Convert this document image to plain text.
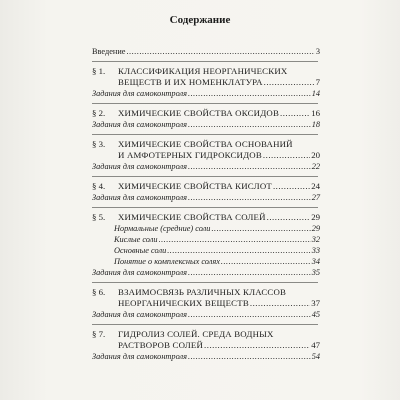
Содержание
Введение .....	3
§ 1.	КЛАССИФИКАЦИЯ НЕОРГАНИЧЕСКИХ
ВЕЩЕСТВ И ИХ НОМЕНКЛАТУРА .....	7
Задания для самоконтроля .....	14
§ 2.	ХИМИЧЕСКИЕ СВОЙСТВА ОКСИДОВ .....	16
Задания для самоконтроля .....	18
§ 3.	ХИМИЧЕСКИЕ СВОЙСТВА ОСНОВАНИЙ
И АМФОТЕРНЫХ ГИДРОКСИДОВ .....	20
Задания для самоконтроля .....	22
§ 4.	ХИМИЧЕСКИЕ СВОЙСТВА КИСЛОТ .....	24
Задания для самоконтроля .....	27
§ 5.	ХИМИЧЕСКИЕ СВОЙСТВА СОЛЕЙ .....	29
Нормальные (средние) соли .....	29
Кислые соли .....	32
Основные соли .....	33
Понятие о комплексных солях .....	34
Задания для самоконтроля .....	35
§ 6.	ВЗАИМОСВЯЗЬ РАЗЛИЧНЫХ КЛАССОВ
НЕОРГАНИЧЕСКИХ ВЕЩЕСТВ .....	37
Задания для самоконтроля .....	45
§ 7.	ГИДРОЛИЗ СОЛЕЙ. СРЕДА ВОДНЫХ
РАСТВОРОВ СОЛЕЙ .....	47
Задания для самоконтроля .....	54
